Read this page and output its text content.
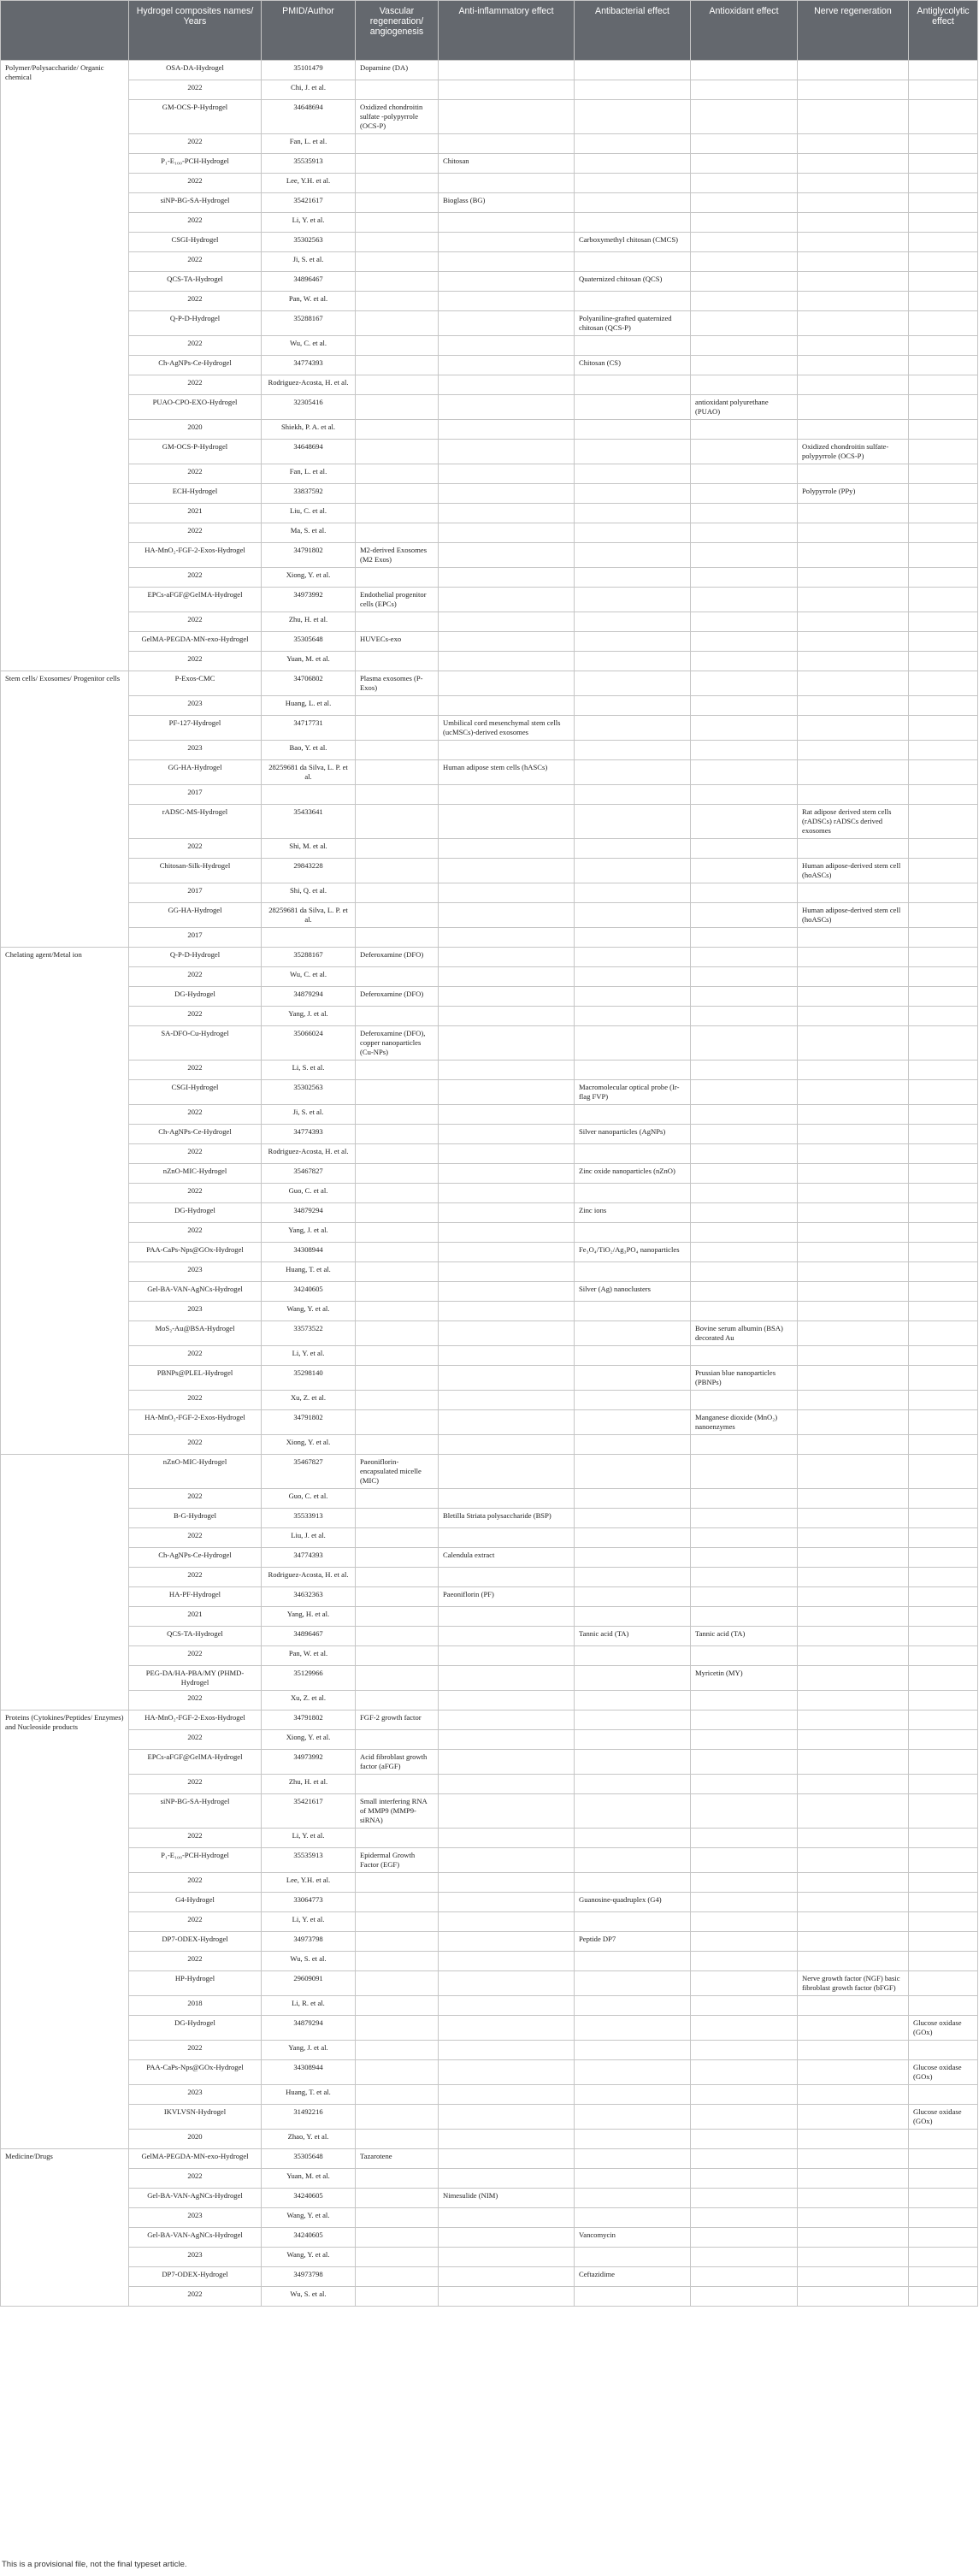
	Hydrogel composites names/ Years	PMID/Author	Vascular regeneration/ angiogenesis	Anti-inflammatory effect	Antibacterial effect	Antioxidant effect	Nerve regeneration	Antiglycolytic effect
Polymer/Polysaccharide/ Organic chemical	OSA-DA-Hydrogel	35101479	Dopamine (DA)					
	2022	Chi, J. et al.						
	GM-OCS-P-Hydrogel	34648694	Oxidized chondroitin sulfate -polypyrrole (OCS-P)					
	2022	Fan, L. et al.						
	P₁-E₁₀₀-PCH-Hydrogel	35535913		Chitosan				
	2022	Lee, Y.H. et al.						
	siNP-BG-SA-Hydrogel	35421617		Bioglass (BG)				
	2022	Li, Y. et al.						
	CSGI-Hydrogel	35302563			Carboxymethyl chitosan (CMCS)			
	2022	Ji, S. et al.						
	QCS-TA-Hydrogel	34896467			Quaternized chitosan (QCS)			
	2022	Pan, W. et al.						
	Q-P-D-Hydrogel	35288167			Polyaniline-grafted quaternized chitosan (QCS-P)			
	2022	Wu, C. et al.						
	Ch-AgNPs-Ce-Hydrogel	34774393			Chitosan (CS)			
	2022	Rodriguez-Acosta, H. et al.						
	PUAO-CPO-EXO-Hydrogel	32305416				antioxidant polyurethane (PUAO)		
	2020	Shiekh, P. A. et al.						
	GM-OCS-P-Hydrogel	34648694					Oxidized chondroitin sulfate-polypyrrole (OCS-P)	
	2022	Fan, L. et al.						
	ECH-Hydrogel	33837592					Polypyrrole (PPy)	
	2021	Liu, C. et al.						
	2022	Ma, S. et al.						
	HA-MnO₂-FGF-2-Exos-Hydrogel	34791802	M2-derived Exosomes (M2 Exos)					
	2022	Xiong, Y. et al.						
	EPCs-aFGF@GelMA-Hydrogel	34973992	Endothelial progenitor cells (EPCs)					
	2022	Zhu, H. et al.						
	GelMA-PEGDA-MN-exo-Hydrogel	35305648	HUVECs-exo					
	2022	Yuan, M. et al.						
Stem cells/ Exosomes/ Progenitor cells	P-Exos-CMC	34706802	Plasma exosomes (P-Exos)					
	2023	Huang, L. et al.						
	PF-127-Hydrogel	34717731		Umbilical cord mesenchymal stem cells (ucMSCs)-derived exosomes				
	2023	Bao, Y. et al.						
	GG-HA-Hydrogel	28259681 da Silva, L. P. et al.		Human adipose stem cells (hASCs)				
	2017							
	rADSC-MS-Hydrogel	35433641					Rat adipose derived stem cells (rADSCs) rADSCs derived exosomes	
	2022	Shi, M. et al.						
	Chitosan-Silk-Hydrogel	29843228					Human adipose-derived stem cell (hoASCs)	
	2017	Shi, Q. et al.						
	GG-HA-Hydrogel	28259681 da Silva, L. P. et al.					Human adipose-derived stem cell (hoASCs)	
	2017							
Chelating agent/Metal ion	Q-P-D-Hydrogel	35288167	Deferoxamine (DFO)					
	2022	Wu, C. et al.						
	DG-Hydrogel	34879294	Deferoxamine (DFO)					
	2022	Yang, J. et al.						
	SA-DFO-Cu-Hydrogel	35066024	Deferoxamine (DFO), copper nanoparticles (Cu-NPs)					
	2022	Li, S. et al.						
	CSGI-Hydrogel	35302563			Macromolecular optical probe (Ir-flag FVP)			
	2022	Ji, S. et al.						
	Ch-AgNPs-Ce-Hydrogel	34774393			Silver nanoparticles (AgNPs)			
	2022	Rodriguez-Acosta, H. et al.						
	nZnO-MIC-Hydrogel	35467827			Zinc oxide nanoparticles (nZnO)			
	2022	Guo, C. et al.						
	DG-Hydrogel	34879294			Zinc ions			
	2022	Yang, J. et al.						
	PAA-CaPs-Nps@GOx-Hydrogel	34308944			Fe₃O₄/TiO₂/Ag₃PO₄ nanoparticles			
	2023	Huang, T. et al.						
	Gel-BA-VAN-AgNCs-Hydrogel	34240605			Silver (Ag) nanoclusters			
	2023	Wang, Y. et al.						
	MoS₂-Au@BSA-Hydrogel	33573522				Bovine serum albumin (BSA) decorated Au		
	2022	Li, Y. et al.						
	PBNPs@PLEL-Hydrogel	35298140				Prussian blue nanoparticles (PBNPs)		
	2022	Xu, Z. et al.						
	HA-MnO₂-FGF-2-Exos-Hydrogel	34791802				Manganese dioxide (MnO₂) nanoenzymes		
	2022	Xiong, Y. et al.						
	nZnO-MIC-Hydrogel	35467827	Paeoniflorin-encapsulated micelle (MIC)					
	2022	Guo, C. et al.						
	B-G-Hydrogel	35533913		Bletilla Striata polysaccharide (BSP)				
	2022	Liu, J. et al.						
	Ch-AgNPs-Ce-Hydrogel	34774393		Calendula extract				
	2022	Rodriguez-Acosta, H. et al.						
	HA-PF-Hydrogel	34632363		Paeoniflorin (PF)				
	2021	Yang, H. et al.						
	QCS-TA-Hydrogel	34896467			Tannic acid (TA)	Tannic acid (TA)		
	2022	Pan, W. et al.						
	PEG-DA/HA-PBA/MY (PHMD-Hydrogel	35129966				Myricetin (MY)		
	2022	Xu, Z. et al.						
Proteins (Cytokines/Peptides/ Enzymes) and Nucleoside products	HA-MnO₂-FGF-2-Exos-Hydrogel	34791802	FGF-2 growth factor					
	2022	Xiong, Y. et al.						
	EPCs-aFGF@GelMA-Hydrogel	34973992	Acid fibroblast growth factor (aFGF)					
	2022	Zhu, H. et al.						
	siNP-BG-SA-Hydrogel	35421617	Small interfering RNA of MMP9 (MMP9-siRNA)					
	2022	Li, Y. et al.						
	P₁-E₁₀₀-PCH-Hydrogel	35535913	Epidermal Growth Factor (EGF)					
	2022	Lee, Y.H. et al.						
	G4-Hydrogel	33064773			Guanosine-quadruplex (G4)			
	2022	Li, Y. et al.						
	DP7-ODEX-Hydrogel	34973798			Peptide DP7			
	2022	Wu, S. et al.						
	HP-Hydrogel	29609091					Nerve growth factor (NGF) basic fibroblast growth factor (bFGF)	
	2018	Li, R. et al.						
	DG-Hydrogel	34879294						Glucose oxidase (GOx)
	2022	Yang, J. et al.						
	PAA-CaPs-Nps@GOx-Hydrogel	34308944						Glucose oxidase (GOx)
	2023	Huang, T. et al.						
	IKVLVSN-Hydrogel	31492216						Glucose oxidase (GOx)
	2020	Zhao, Y. et al.						
Medicine/Drugs	GelMA-PEGDA-MN-exo-Hydrogel	35305648	Tazarotene					
	2022	Yuan, M. et al.						
	Gel-BA-VAN-AgNCs-Hydrogel	34240605		Nimesulide (NIM)				
	2023	Wang, Y. et al.						
	Gel-BA-VAN-AgNCs-Hydrogel	34240605			Vancomycin			
	2023	Wang, Y. et al.						
	DP7-ODEX-Hydrogel	34973798			Ceftazidime			
	2022	Wu, S. et al.						
This is a provisional file, not the final typeset article.
